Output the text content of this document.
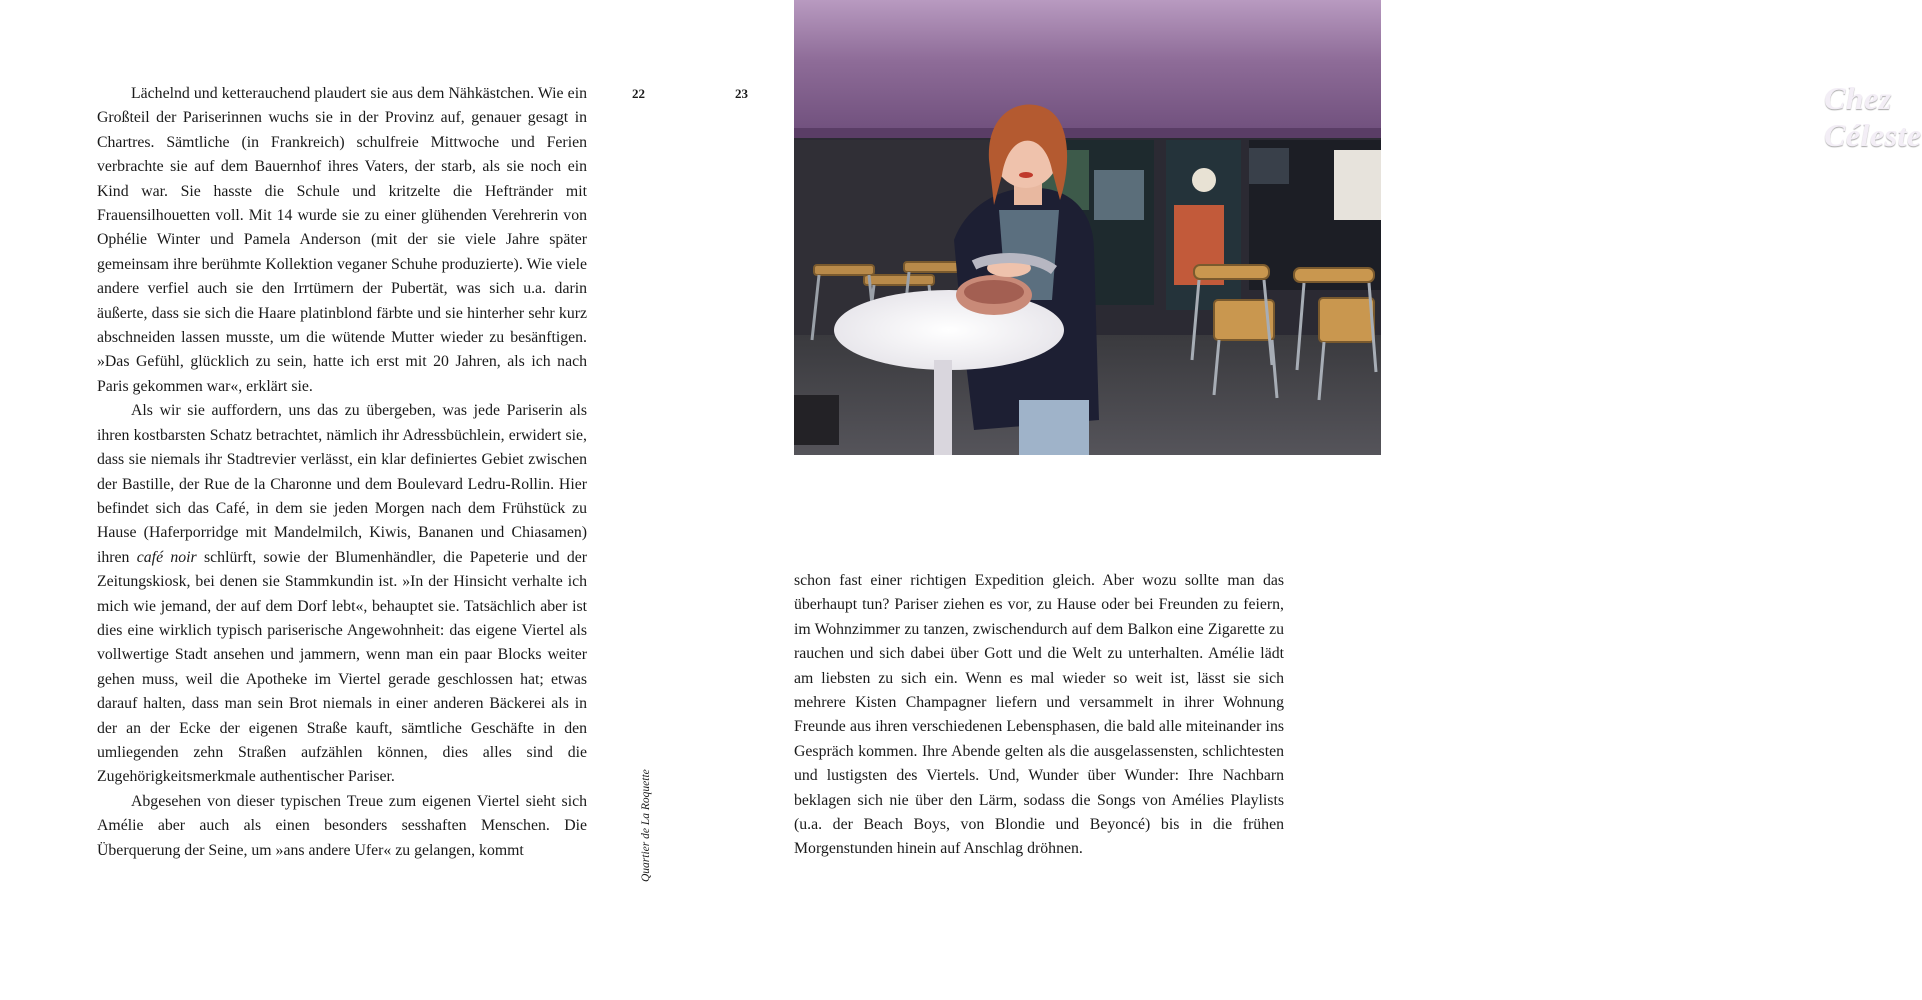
Lächelnd und ketterauchend plaudert sie aus dem Nähkästchen. Wie ein Großteil der Pariserinnen wuchs sie in der Provinz auf, genauer gesagt in Chartres. Sämtliche (in Frankreich) schulfreie Mittwoche und Ferien verbrachte sie auf dem Bauernhof ihres Vaters, der starb, als sie noch ein Kind war. Sie hasste die Schule und kritzelte die Heftränder mit Frauensilhouetten voll. Mit 14 wurde sie zu einer glühenden Verehrerin von Ophélie Winter und Pamela Anderson (mit der sie viele Jahre später gemeinsam ihre berühmte Kollektion veganer Schuhe produzierte). Wie viele andere verfiel auch sie den Irrtümern der Pubertät, was sich u.a. darin äußerte, dass sie sich die Haare platinblond färbte und sie hinterher sehr kurz abschneiden lassen musste, um die wütende Mutter wieder zu besänftigen. »Das Gefühl, glücklich zu sein, hatte ich erst mit 20 Jahren, als ich nach Paris gekommen war«, erklärt sie.

Als wir sie auffordern, uns das zu übergeben, was jede Pariserin als ihren kostbarsten Schatz betrachtet, nämlich ihr Adressbüchlein, erwidert sie, dass sie niemals ihr Stadtrevier verlässt, ein klar definiertes Gebiet zwischen der Bastille, der Rue de la Charonne und dem Boulevard Ledru-Rollin. Hier befindet sich das Café, in dem sie jeden Morgen nach dem Frühstück zu Hause (Haferporridge mit Mandelmilch, Kiwis, Bananen und Chiasamen) ihren café noir schlürft, sowie der Blumenhändler, die Papeterie und der Zeitungskiosk, bei denen sie Stammkundin ist. »In der Hinsicht verhalte ich mich wie jemand, der auf dem Dorf lebt«, behauptet sie. Tatsächlich aber ist dies eine wirklich typisch pariserische Angewohnheit: das eigene Viertel als vollwertige Stadt ansehen und jammern, wenn man ein paar Blocks weiter gehen muss, weil die Apotheke im Viertel gerade geschlossen hat; etwas darauf halten, dass man sein Brot niemals in einer anderen Bäckerei als in der an der Ecke der eigenen Straße kauft, sämtliche Geschäfte in den umliegenden zehn Straßen aufzählen können, dies alles sind die Zugehörigkeitsmerkmale authentischer Pariser.

Abgesehen von dieser typischen Treue zum eigenen Viertel sieht sich Amélie aber auch als einen besonders sesshaften Menschen. Die Überquerung der Seine, um »ans andere Ufer« zu gelangen, kommt

22	23
Quartier de La Roquette
Chez Céleste

schon fast einer richtigen Expedition gleich. Aber wozu sollte man das überhaupt tun? Pariser ziehen es vor, zu Hause oder bei Freunden zu feiern, im Wohnzimmer zu tanzen, zwischendurch auf dem Balkon eine Zigarette zu rauchen und sich dabei über Gott und die Welt zu unterhalten. Amélie lädt am liebsten zu sich ein. Wenn es mal wieder so weit ist, lässt sie sich mehrere Kisten Champagner liefern und versammelt in ihrer Wohnung Freunde aus ihren verschiedenen Lebensphasen, die bald alle miteinander ins Gespräch kommen. Ihre Abende gelten als die ausgelassensten, schlichtesten und lustigsten des Viertels. Und, Wunder über Wunder: Ihre Nachbarn beklagen sich nie über den Lärm, sodass die Songs von Amélies Playlists (u.a. der Beach Boys, von Blondie und Beyoncé) bis in die frühen Morgenstunden hinein auf Anschlag dröhnen.
